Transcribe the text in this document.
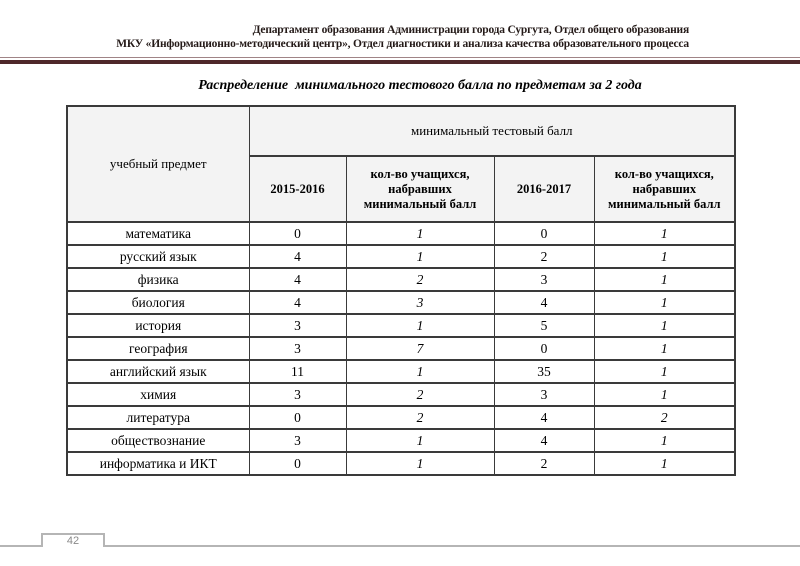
Департамент образования Администрации города Сургута, Отдел общего образования
МКУ «Информационно-методический центр», Отдел диагностики и анализа качества образовательного процесса
Распределение  минимального тестового балла по предметам за 2 года
учебный предмет	минимальный тестовый балл			
	2015-2016	кол-во учащихся, набравших минимальный балл	2016-2017	кол-во учащихся, набравших минимальный балл
математика	0	1	0	1
русский язык	4	1	2	1
физика	4	2	3	1
биология	4	3	4	1
история	3	1	5	1
география	3	7	0	1
английский язык	11	1	35	1
химия	3	2	3	1
литература	0	2	4	2
обществознание	3	1	4	1
информатика и ИКТ	0	1	2	1
42
